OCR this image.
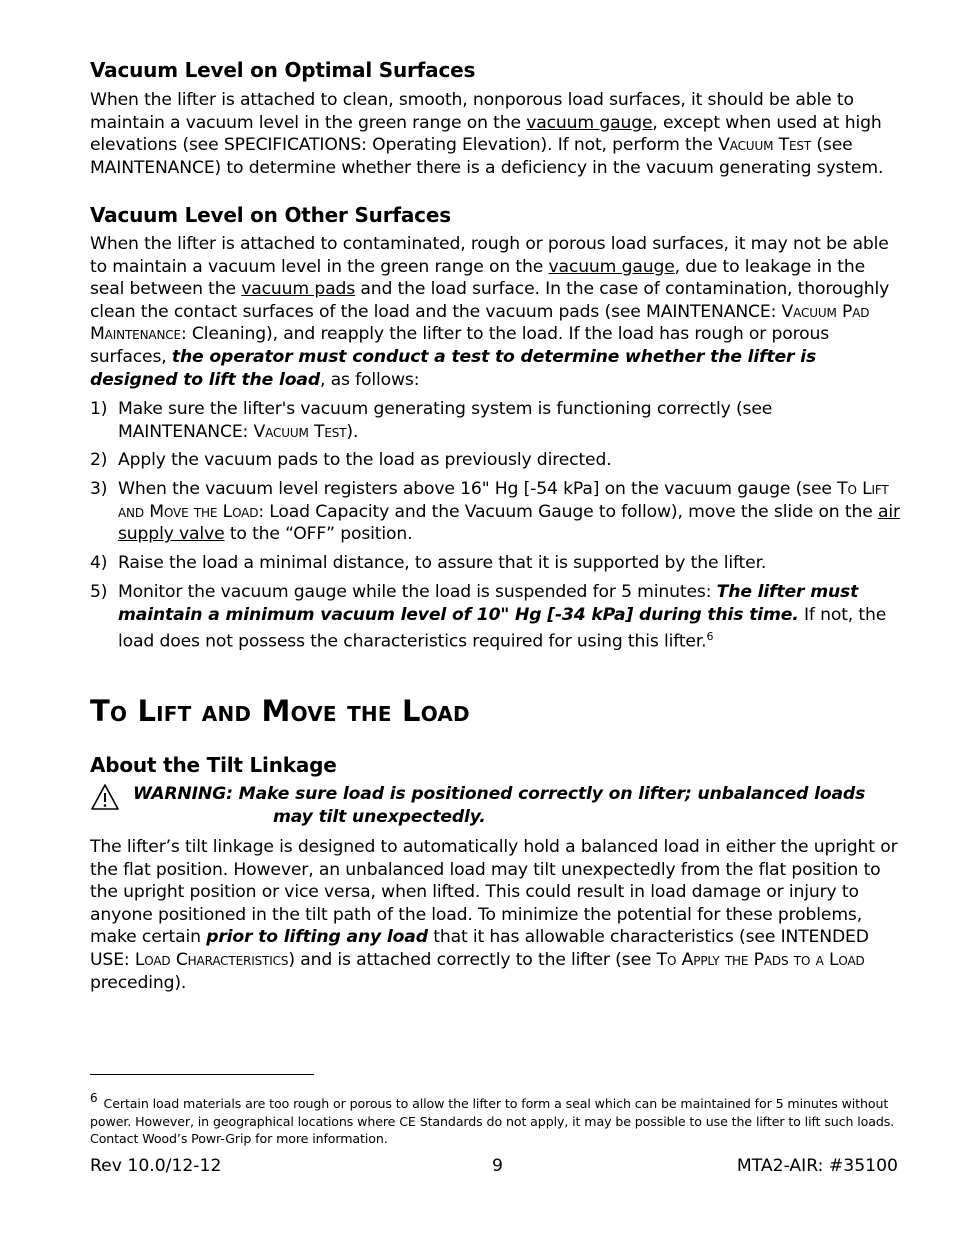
Vacuum Level on Optimal Surfaces

When the lifter is attached to clean, smooth, nonporous load surfaces, it should be able to maintain a vacuum level in the green range on the vacuum gauge, except when used at high elevations (see SPECIFICATIONS: Operating Elevation). If not, perform the Vacuum Test (see MAINTENANCE) to determine whether there is a deficiency in the vacuum generating system.

Vacuum Level on Other Surfaces

When the lifter is attached to contaminated, rough or porous load surfaces, it may not be able to maintain a vacuum level in the green range on the vacuum gauge, due to leakage in the seal between the vacuum pads and the load surface. In the case of contamination, thoroughly clean the contact surfaces of the load and the vacuum pads (see MAINTENANCE: Vacuum Pad Maintenance: Cleaning), and reapply the lifter to the load. If the load has rough or porous surfaces, the operator must conduct a test to determine whether the lifter is designed to lift the load, as follows:

1) Make sure the lifter's vacuum generating system is functioning correctly (see MAINTENANCE: Vacuum Test).
2) Apply the vacuum pads to the load as previously directed.
3) When the vacuum level registers above 16" Hg [-54 kPa] on the vacuum gauge (see To Lift and Move the Load: Load Capacity and the Vacuum Gauge to follow), move the slide on the air supply valve to the “OFF” position.
4) Raise the load a minimal distance, to assure that it is supported by the lifter.
5) Monitor the vacuum gauge while the load is suspended for 5 minutes: The lifter must maintain a minimum vacuum level of 10" Hg [-34 kPa] during this time. If not, the load does not possess the characteristics required for using this lifter.$^6$
To Lift and Move the Load
About the Tilt Linkage
WARNING: Make sure load is positioned correctly on lifter; unbalanced loads
may tilt unexpectedly.

The lifter’s tilt linkage is designed to automatically hold a balanced load in either the upright or the flat position. However, an unbalanced load may tilt unexpectedly from the flat position to the upright position or vice versa, when lifted. This could result in load damage or injury to anyone positioned in the tilt path of the load. To minimize the potential for these problems, make certain prior to lifting any load that it has allowable characteristics (see INTENDED USE: Load Characteristics) and is attached correctly to the lifter (see To Apply the Pads to a Load preceding).

$^6$ Certain load materials are too rough or porous to allow the lifter to form a seal which can be maintained for 5 minutes without power. However, in geographical locations where CE Standards do not apply, it may be possible to use the lifter to lift such loads. Contact Wood’s Powr-Grip for more information.
Rev 10.0/12-12	9	MTA2-AIR: #35100
